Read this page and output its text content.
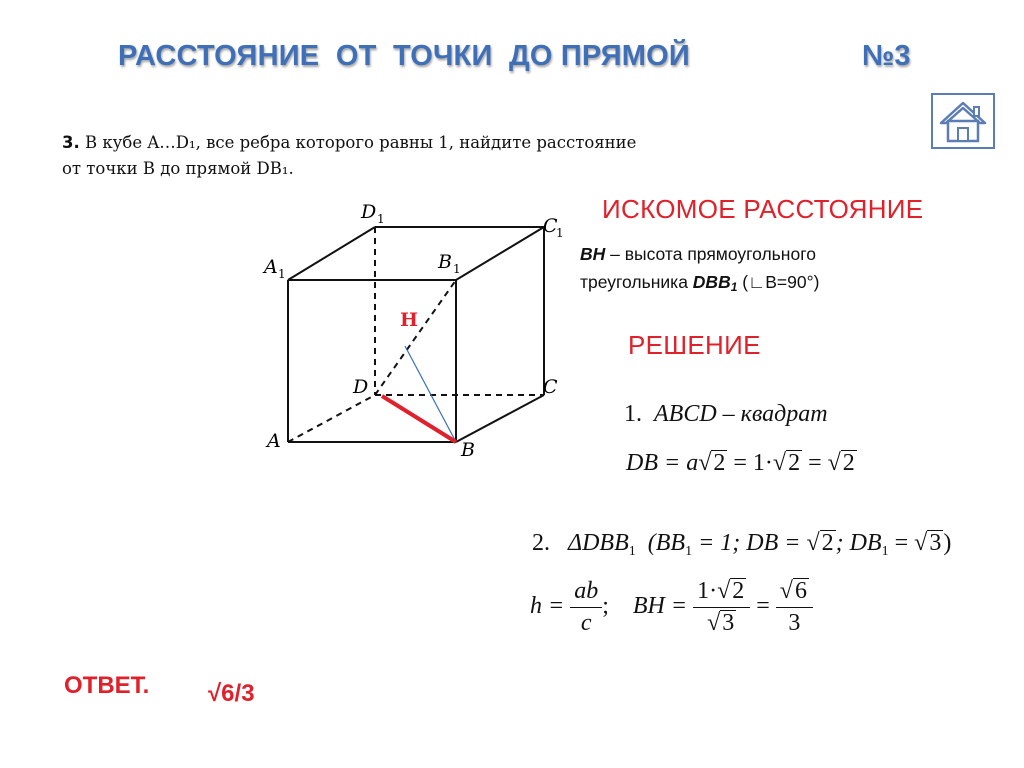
РАССТОЯНИЕ  ОТ  ТОЧКИ  ДО ПРЯМОЙ	№3
3. В кубе A…D₁, все ребра которого равны 1, найдите расстояние
от точки B до прямой DB₁.
D 1	C
1
A 1
B 1
D	C
A	B
H
ИСКОМОЕ РАССТОЯНИЕ
BH – высота прямоугольного
треугольника $DBB_1$ (∟B=90°)
РЕШЕНИЕ
1. ABCD – квадрат
DB = a√2 = 1·√2 = √2
2. $\Delta DBB_1$ ($BB_1 = 1$; DB = √2; $DB_1 = √3$)
$h = \frac{ab}{c}$ ; BH = $\frac{1\cdot√2}{√3} = \frac{√6}{3}$
ОТВЕТ. √6/3
